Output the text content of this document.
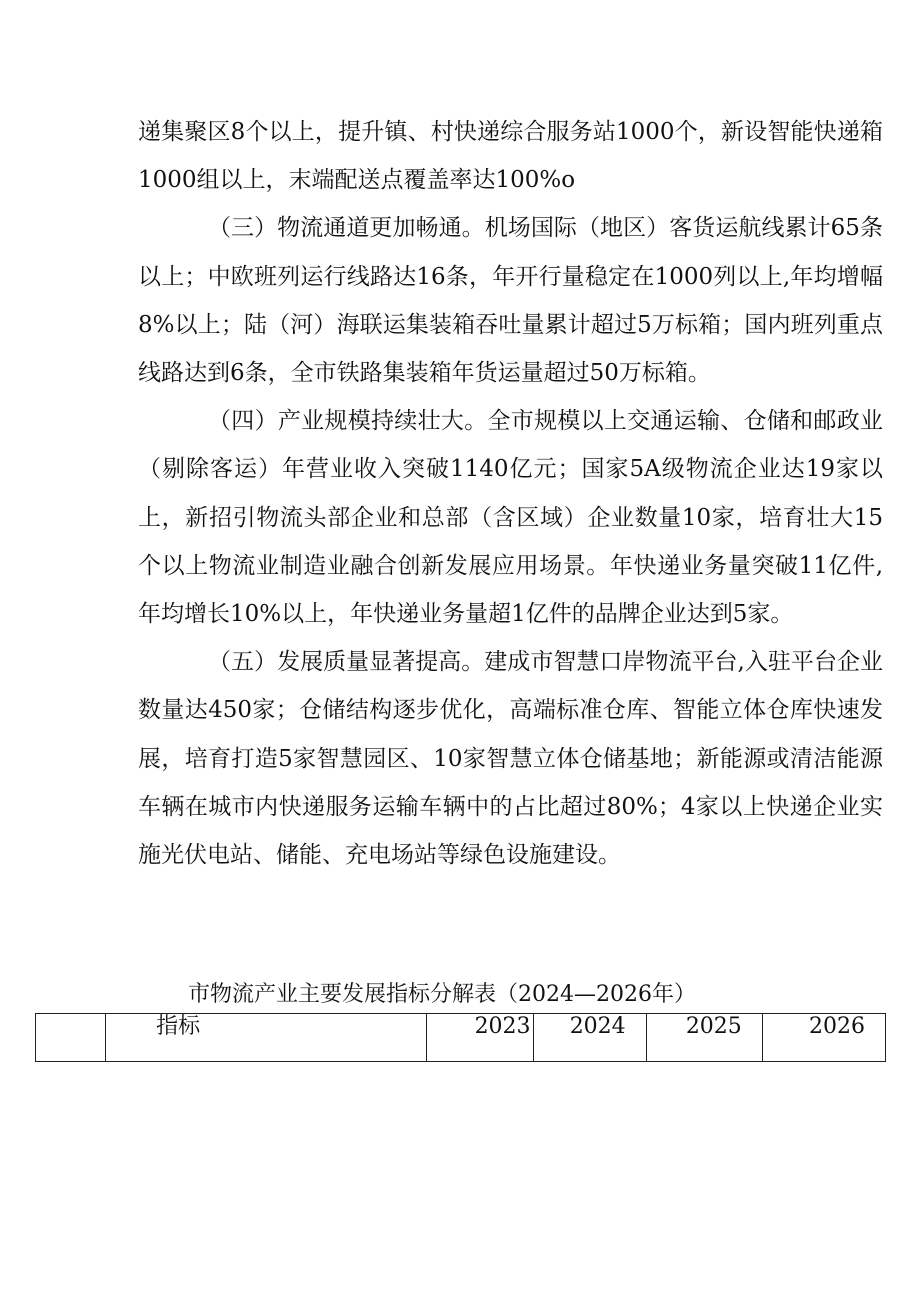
递集聚区8个以上，提升镇、村快递综合服务站1000个，新设智能快递箱1000组以上，末端配送点覆盖率达100%o

（三）物流通道更加畅通。机场国际（地区）客货运航线累计65条以上；中欧班列运行线路达16条，年开行量稳定在1000列以上,年均增幅8%以上；陆（河）海联运集装箱吞吐量累计超过5万标箱；国内班列重点线路达到6条，全市铁路集装箱年货运量超过50万标箱。

（四）产业规模持续壮大。全市规模以上交通运输、仓储和邮政业（剔除客运）年营业收入突破1140亿元；国家5A级物流企业达19家以上，新招引物流头部企业和总部（含区域）企业数量10家，培育壮大15个以上物流业制造业融合创新发展应用场景。年快递业务量突破11亿件,年均增长10%以上，年快递业务量超1亿件的品牌企业达到5家。

（五）发展质量显著提高。建成市智慧口岸物流平台,入驻平台企业数量达450家；仓储结构逐步优化，高端标准仓库、智能立体仓库快速发展，培育打造5家智慧园区、10家智慧立体仓储基地；新能源或清洁能源车辆在城市内快递服务运输车辆中的占比超过80%；4家以上快递企业实施光伏电站、储能、充电场站等绿色设施建设。

市物流产业主要发展指标分解表（2024—2026年）
	指标	2023	2024	2025	2026
